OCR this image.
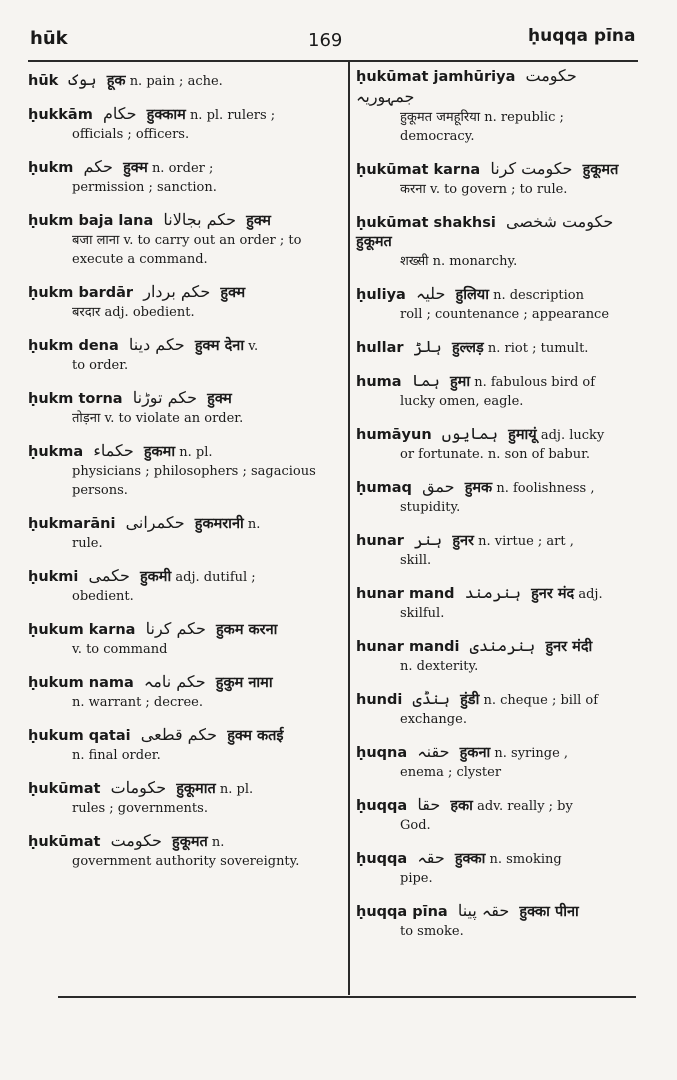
hūk	169	ḥuqqa pīna
hūk ہوک हूक n. pain ; ache.
ḥukkām حکام हुक्काम n. pl. rulers ;
officials ; officers.
ḥukm حکم हुक्म n. order ;
permission ; sanction.
ḥukm baja lana حکم بجالانا हुक्म
बजा लाना v. to carry out an order ; to execute a command.
ḥukm bardār حکم بردار हुक्म
बरदार adj. obedient.
ḥukm dena حکم دینا हुक्म देना v.
to order.
ḥukm torna حکم توڑنا हुक्म
तोड़ना v. to violate an order.
ḥukma حکماء हुकमा n. pl.
physicians ; philosophers ; sagacious persons.
ḥukmarāni حکمرانی हुकमरानी n.
rule.
ḥukmi حکمی हुकमी adj. dutiful ;
obedient.
ḥukum karna حکم کرنا हुकम करना
v. to command
ḥukum nama حکم نامہ हुकुम नामा
n. warrant ; decree.
ḥukum qatai حکم قطعی हुक्म कतई
n. final order.
ḥukūmat حکومات हुकूमात n. pl.
rules ; governments.
ḥukūmat حکومت हुकूमत n.
government authority sovereignty.
ḥukūmat jamhūriya حکومت جمہوریہ
हुकूमत जमहूरिया n. republic ; democracy.
ḥukūmat karna حکومت کرنا हुकूमत
करना v. to govern ; to rule.
ḥukūmat shakhsi حکومت شخصی हुकूमत
शख्सी n. monarchy.
ḥuliya حلیہ हुलिया n. description
roll ; countenance ; appearance
hullar ہلڑ हुल्लड़ n. riot ; tumult.
huma ہما हुमा n. fabulous bird of
lucky omen, eagle.
humāyun ہمایوں हुमायूं adj. lucky
or fortunate. n. son of babur.
ḥumaq حمق हुमक n. foolishness ,
stupidity.
hunar ہنر हुनर n. virtue ; art ,
skill.
hunar mand ہنرمند हुनर मंद adj.
skilful.
hunar mandi ہنرمندی हुनर मंदी
n. dexterity.
hundi ہنڈی हुंडी n. cheque ; bill of
exchange.
ḥuqna حقنہ हुकना n. syringe ,
enema ; clyster
ḥuqqa حقا हका adv. really ; by
God.
ḥuqqa حقہ हुक्का n. smoking
pipe.
ḥuqqa pīna حقہ پینا हुक्का पीना
to smoke.
